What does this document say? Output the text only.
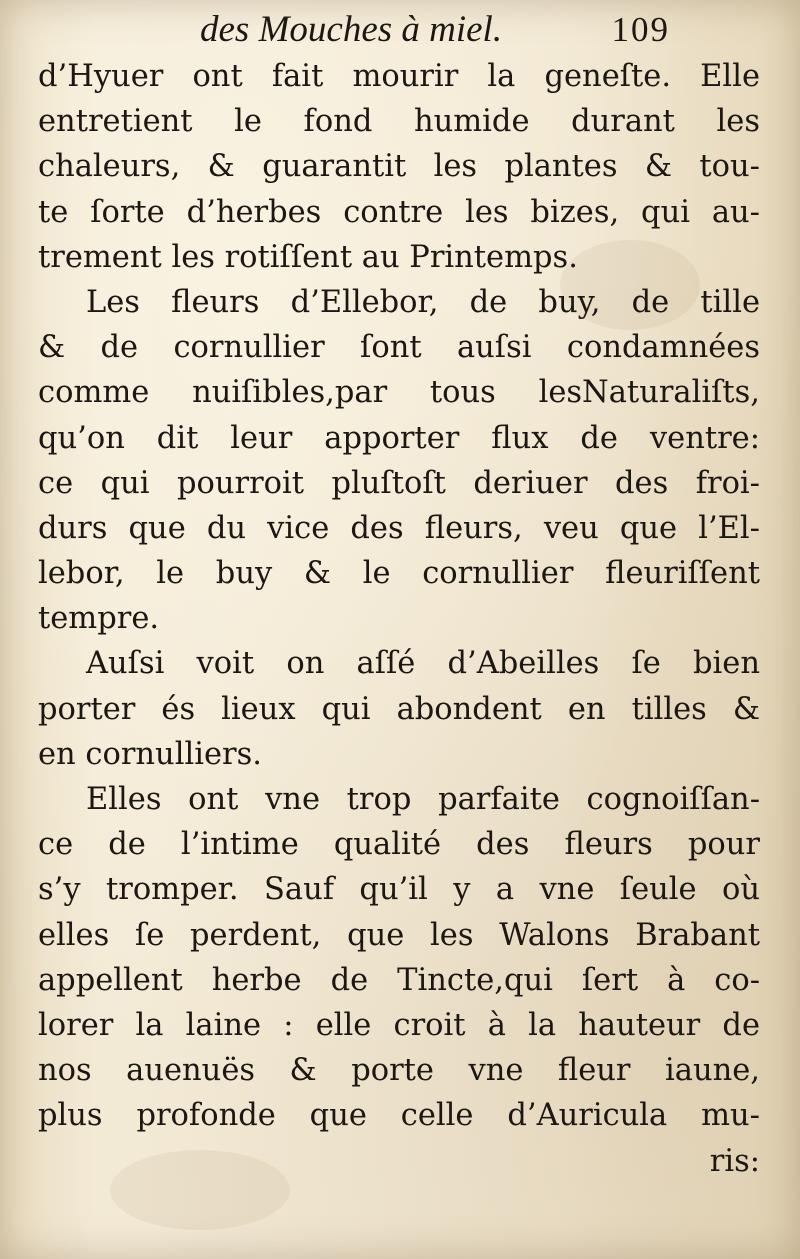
des Mouches à miel.	109
d’Hyuer ont fait mourir la geneſte. Elle
entretient le fond humide durant les
chaleurs, & guarantit les plantes & tou-
te ſorte d’herbes contre les bizes, qui au-
trement les rotiſſent au Printemps.
Les fleurs d’Ellebor, de buy, de tille
& de cornullier ſont auſsi condamnées
comme nuiſibles,par tous lesNaturaliſts,
qu’on dit leur apporter flux de ventre:
ce qui pourroit pluſtoſt deriuer des froi-
durs que du vice des fleurs, veu que l’El-
lebor, le buy & le cornullier fleuriſſent
tempre.
Auſsi voit on aſſé d’Abeilles ſe bien
porter és lieux qui abondent en tilles &
en cornulliers.
Elles ont vne trop parfaite cognoiſſan-
ce de l’intime qualité des fleurs pour
s’y tromper. Sauf qu’il y a vne ſeule où
elles ſe perdent, que les Walons Brabant
appellent herbe de Tincte,qui ſert à co-
lorer la laine : elle croit à la hauteur de
nos auenuës & porte vne fleur iaune,
plus profonde que celle d’Auricula mu-
ris:
